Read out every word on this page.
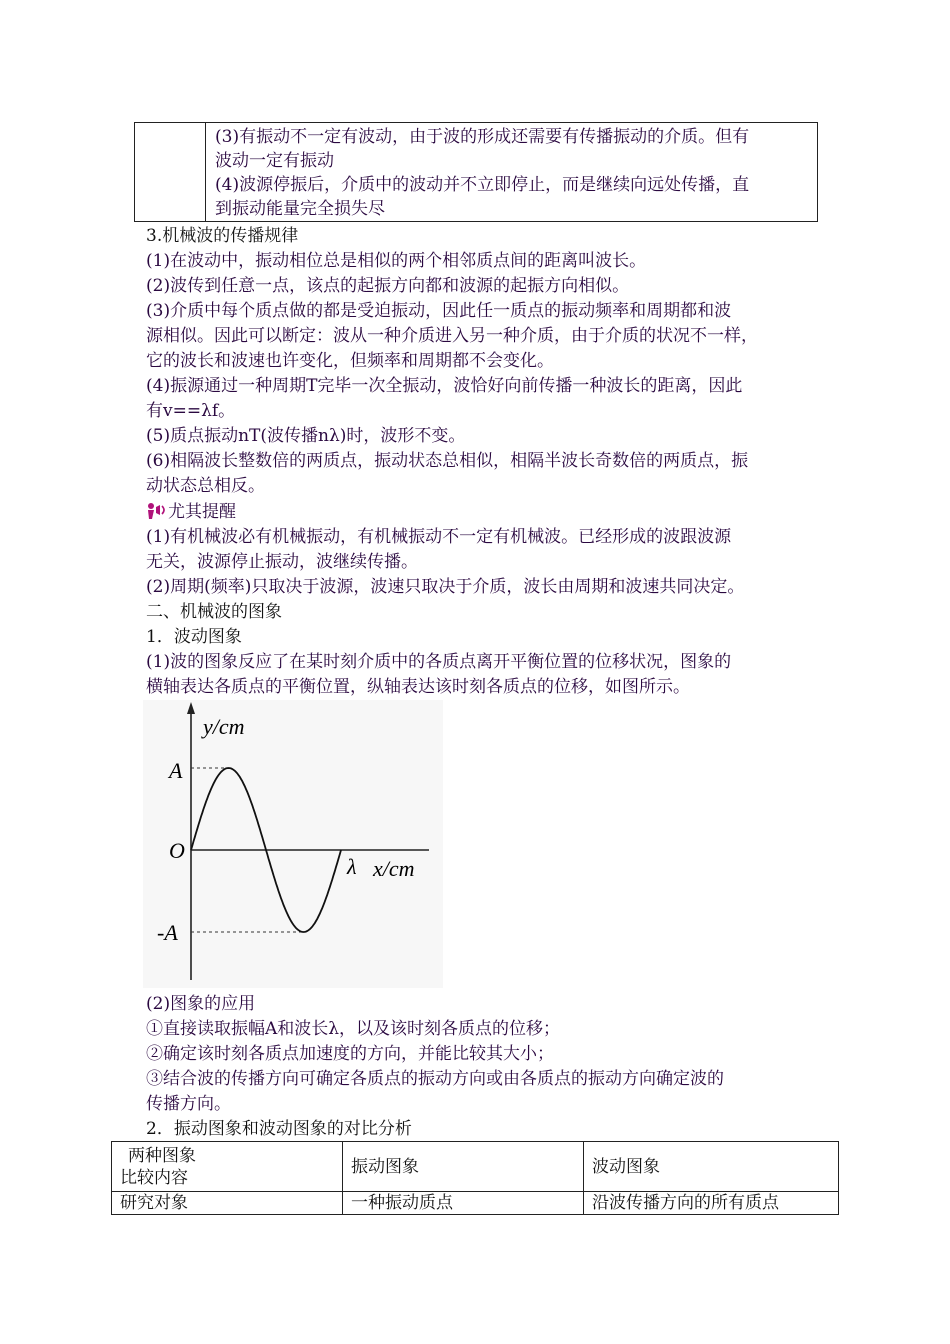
(3)有振动不一定有波动，由于波的形成还需要有传播振动的介质。但有
波动一定有振动
(4)波源停振后，介质中的波动并不立即停止，而是继续向远处传播，直
到振动能量完全损失尽
3.机械波的传播规律
(1)在波动中，振动相位总是相似的两个相邻质点间的距离叫波长。
(2)波传到任意一点，该点的起振方向都和波源的起振方向相似。
(3)介质中每个质点做的都是受迫振动，因此任一质点的振动频率和周期都和波
源相似。因此可以断定：波从一种介质进入另一种介质，由于介质的状况不一样，
它的波长和波速也许变化，但频率和周期都不会变化。
(4)振源通过一种周期T完毕一次全振动，波恰好向前传播一种波长的距离，因此
有v==λf。
(5)质点振动nT(波传播nλ)时，波形不变。
(6)相隔波长整数倍的两质点，振动状态总相似，相隔半波长奇数倍的两质点，振
动状态总相反。
尤其提醒
(1)有机械波必有机械振动，有机械振动不一定有机械波。已经形成的波跟波源
无关，波源停止振动，波继续传播。
(2)周期(频率)只取决于波源，波速只取决于介质，波长由周期和波速共同决定。
二、机械波的图象
1．波动图象
(1)波的图象反应了在某时刻介质中的各质点离开平衡位置的位移状况，图象的
横轴表达各质点的平衡位置，纵轴表达该时刻各质点的位移，如图所示。
y/cm
x/cm
λ
A
O
-A
(2)图象的应用
①直接读取振幅A和波长λ，以及该时刻各质点的位移；
②确定该时刻各质点加速度的方向，并能比较其大小；
③结合波的传播方向可确定各质点的振动方向或由各质点的振动方向确定波的
传播方向。
2．振动图象和波动图象的对比分析
两种图象
比较内容	振动图象	波动图象
研究对象	一种振动质点	沿波传播方向的所有质点
